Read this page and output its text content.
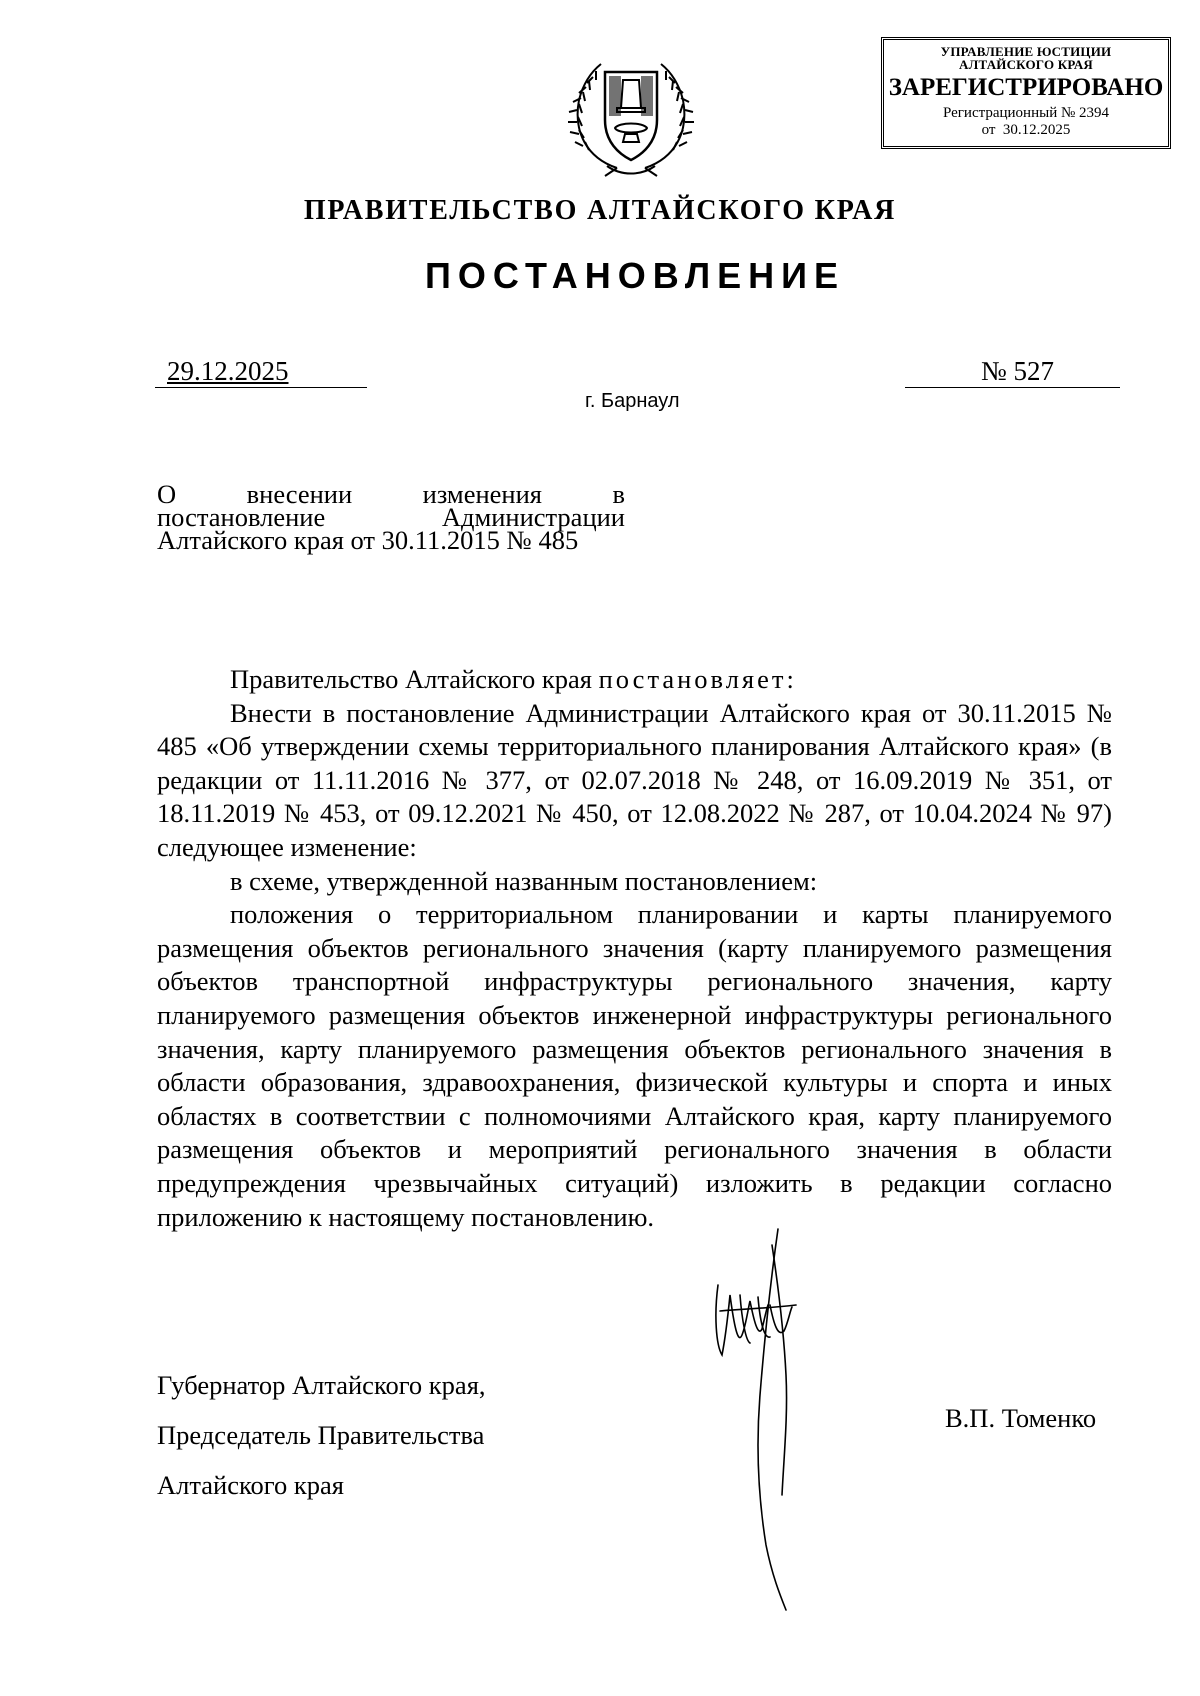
УПРАВЛЕНИЕ ЮСТИЦИИ
АЛТАЙСКОГО КРАЯ
ЗАРЕГИСТРИРОВАНО
Регистрационный № 2394
от  30.12.2025
ПРАВИТЕЛЬСТВО АЛТАЙСКОГО КРАЯ
ПОСТАНОВЛЕНИЕ
29.12.2025	№ 527
г. Барнаул
О	внесении	изменения	в
постановление	Администрации
Алтайского края от 30.11.2015 № 485
Правительство Алтайского края постановляет:
Внести в постановление Администрации Алтайского края от 30.11.2015 № 485 «Об утверждении схемы территориального планирования Алтайского края» (в редакции от 11.11.2016 № 377, от 02.07.2018 № 248, от 16.09.2019 № 351, от 18.11.2019 № 453, от 09.12.2021 № 450, от 12.08.2022 № 287, от 10.04.2024 № 97) следующее изменение:
в схеме, утвержденной названным постановлением:
положения о территориальном планировании и карты планируемого размещения объектов регионального значения (карту планируемого размещения объектов транспортной инфраструктуры регионального значения, карту планируемого размещения объектов инженерной инфраструктуры регионального значения, карту планируемого размещения объектов регионального значения в области образования, здравоохранения, физической культуры и спорта и иных областях в соответствии с полномочиями Алтайского края, карту планируемого размещения объектов и мероприятий регионального значения в области предупреждения чрезвычайных ситуаций) изложить в редакции согласно приложению к настоящему постановлению.

Губернатор Алтайского края,

Председатель Правительства

Алтайского края

В.П. Томенко
